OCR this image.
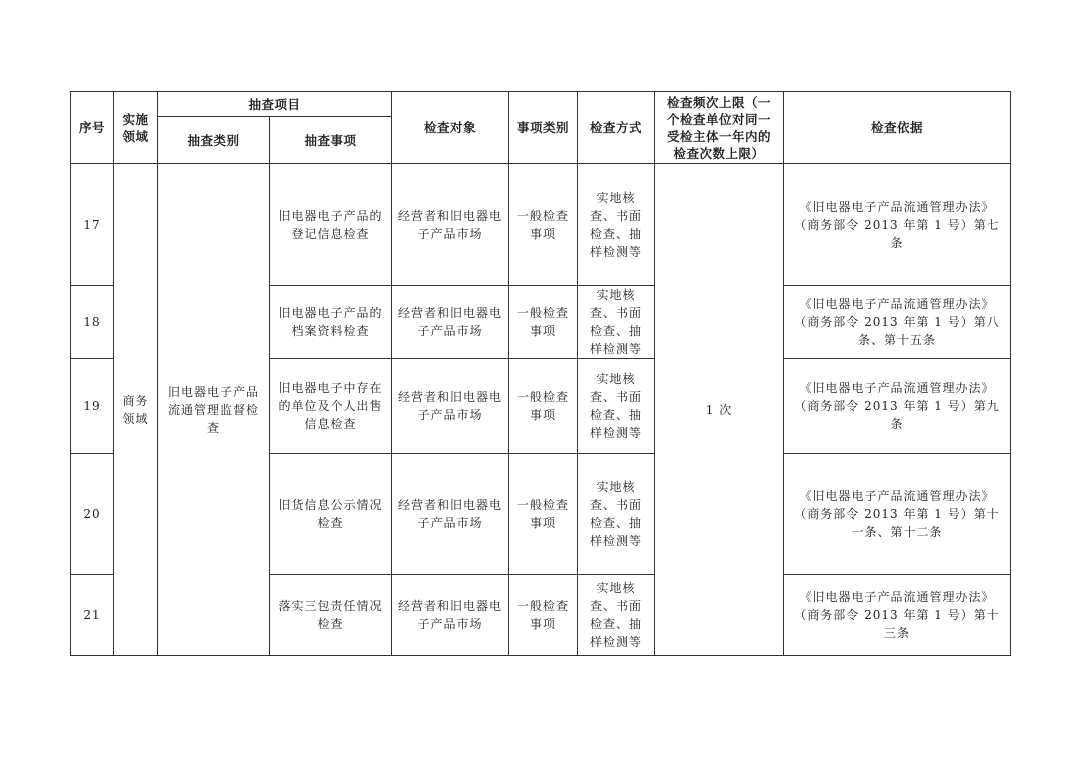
序号	实施领域	抽查项目		检查对象	事项类别	检查方式	检查频次上限（一个检查单位对同一受检主体一年内的检查次数上限）	检查依据
		抽查类别	抽查事项					
17	商务领域	旧电器电子产品流通管理监督检查	旧电器电子产品的登记信息检查	经营者和旧电器电子产品市场	一般检查事项	实地核查、书面检查、抽样检测等	1 次	《旧电器电子产品流通管理办法》（商务部令 2013 年第 1 号）第七条
18			旧电器电子产品的档案资料检查	经营者和旧电器电子产品市场	一般检查事项	实地核查、书面检查、抽样检测等		《旧电器电子产品流通管理办法》（商务部令 2013 年第 1 号）第八条、第十五条
19			旧电器电子中存在的单位及个人出售信息检查	经营者和旧电器电子产品市场	一般检查事项	实地核查、书面检查、抽样检测等		《旧电器电子产品流通管理办法》（商务部令 2013 年第 1 号）第九条
20			旧货信息公示情况检查	经营者和旧电器电子产品市场	一般检查事项	实地核查、书面检查、抽样检测等		《旧电器电子产品流通管理办法》（商务部令 2013 年第 1 号）第十一条、第十二条
21			落实三包责任情况检查	经营者和旧电器电子产品市场	一般检查事项	实地核查、书面检查、抽样检测等		《旧电器电子产品流通管理办法》（商务部令 2013 年第 1 号）第十三条
